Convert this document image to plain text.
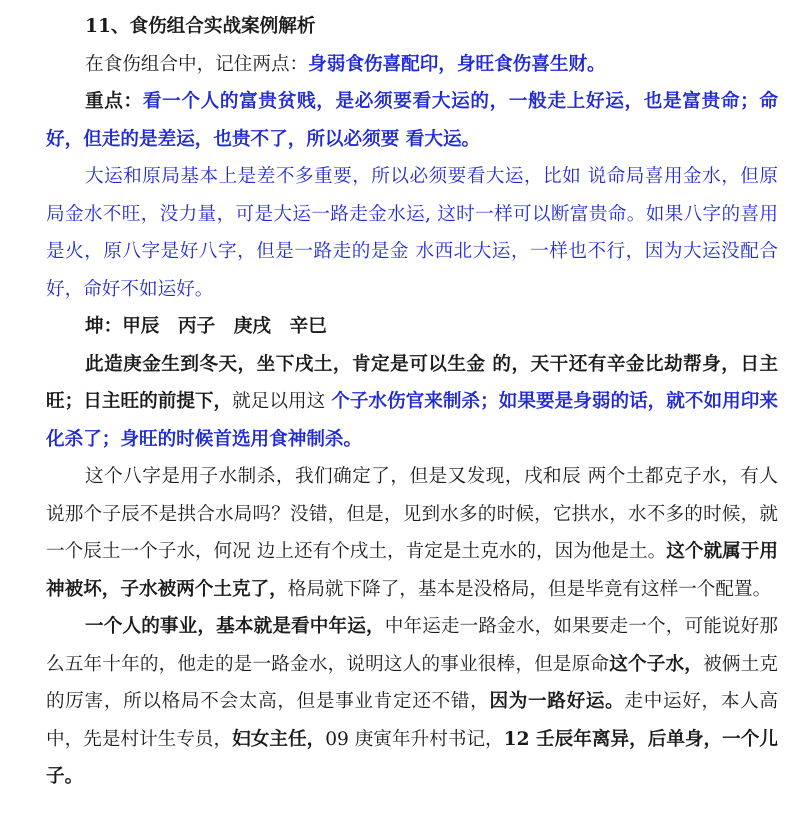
11、食伤组合实战案例解析

在食伤组合中，记住两点：身弱食伤喜配印，身旺食伤喜生财。

重点：看一个人的富贵贫贱，是必须要看大运的，一般走上好运，也是富贵命；命好，但走的是差运，也贵不了，所以必须要 看大运。

大运和原局基本上是差不多重要，所以必须要看大运，比如 说命局喜用金水，但原局金水不旺，没力量，可是大运一路走金水运, 这时一样可以断富贵命。如果八字的喜用是火，原八字是好八字，但是一路走的是金 水西北大运，一样也不行，因为大运没配合好，命好不如运好。

坤：甲辰　丙子　庚戌　辛巳

此造庚金生到冬天，坐下戌土，肯定是可以生金 的，天干还有辛金比劫帮身，日主旺；日主旺的前提下，就足以用这 个子水伤官来制杀；如果要是身弱的话，就不如用印来化杀了；身旺的时候首选用食神制杀。

这个八字是用子水制杀，我们确定了，但是又发现，戌和辰 两个土都克子水，有人说那个子辰不是拱合水局吗？没错，但是，见到水多的时候，它拱水，水不多的时候，就一个辰土一个子水，何况 边上还有个戌土，肯定是土克水的，因为他是土。这个就属于用神被坏，子水被两个土克了，格局就下降了，基本是没格局，但是毕竟有这样一个配置。

一个人的事业，基本就是看中年运，中年运走一路金水，如果要走一个，可能说好那么五年十年的，他走的是一路金水，说明这人的事业很棒，但是原命这个子水，被俩土克的厉害，所以格局不会太高，但是事业肯定还不错，因为一路好运。走中运好，本人高中，先是村计生专员，妇女主任，09 庚寅年升村书记，12 壬辰年离异，后单身，一个儿子。
